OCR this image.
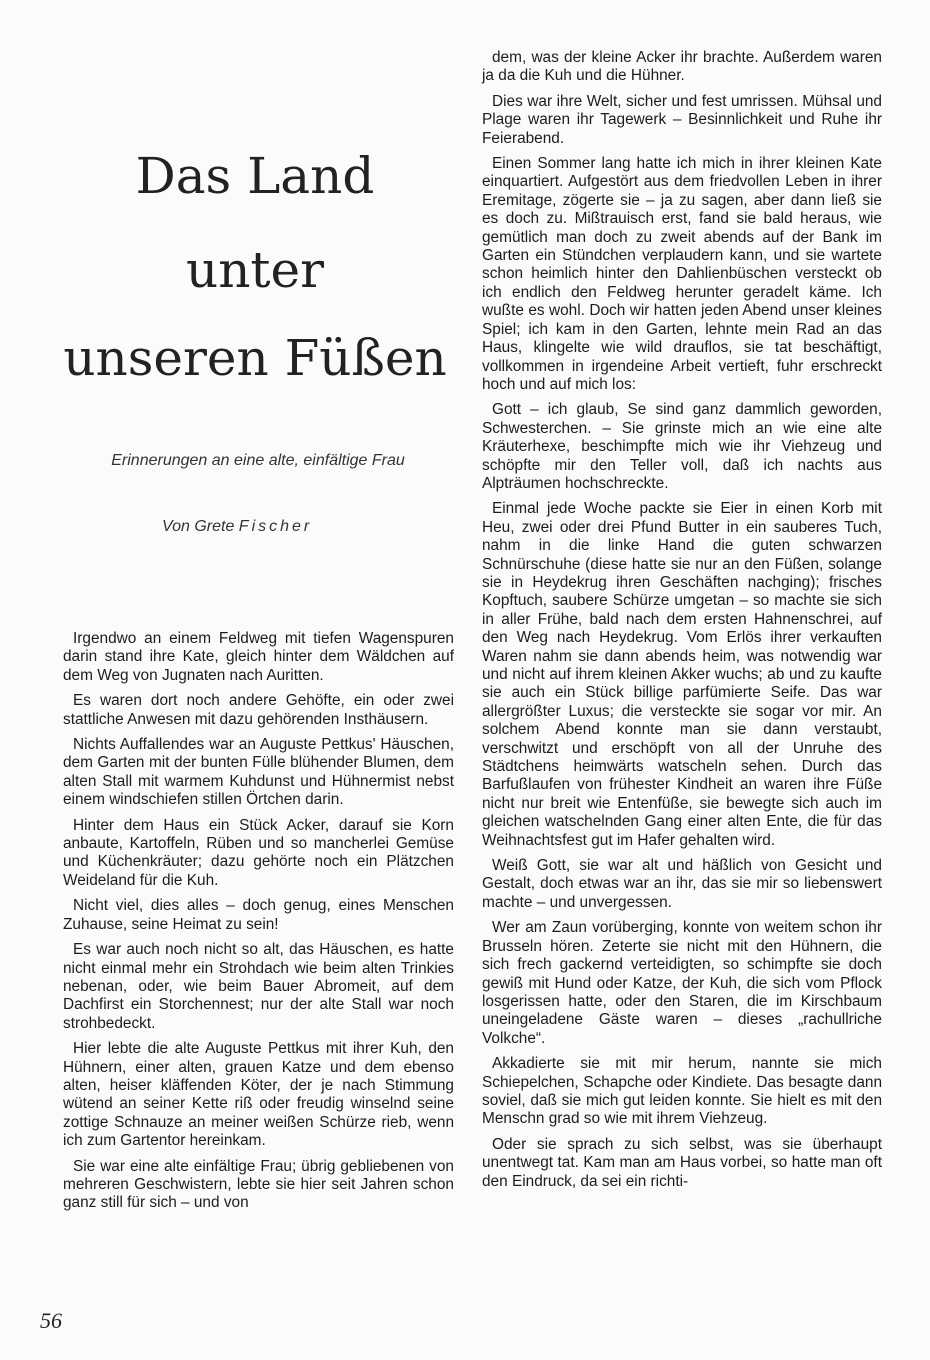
Das Land
unter
unseren Füßen
Erinnerungen an eine alte, einfältige Frau
Von Grete Fischer

Irgendwo an einem Feldweg mit tiefen Wagenspuren darin stand ihre Kate, gleich hinter dem Wäldchen auf dem Weg von Jugnaten nach Auritten.

Es waren dort noch andere Gehöfte, ein oder zwei stattliche Anwesen mit dazu gehörenden Insthäusern.

Nichts Auffallendes war an Auguste Pettkus' Häuschen, dem Garten mit der bunten Fülle blühender Blumen, dem alten Stall mit warmem Kuhdunst und Hühnermist nebst einem windschiefen stillen Örtchen darin.

Hinter dem Haus ein Stück Acker, darauf sie Korn anbaute, Kartoffeln, Rüben und so mancherlei Gemüse und Küchenkräuter; dazu gehörte noch ein Plätzchen Weideland für die Kuh.

Nicht viel, dies alles – doch genug, eines Menschen Zuhause, seine Heimat zu sein!

Es war auch noch nicht so alt, das Häuschen, es hatte nicht einmal mehr ein Strohdach wie beim alten Trinkies nebenan, oder, wie beim Bauer Abromeit, auf dem Dachfirst ein Storchennest; nur der alte Stall war noch strohbedeckt.

Hier lebte die alte Auguste Pettkus mit ihrer Kuh, den Hühnern, einer alten, grauen Katze und dem ebenso alten, heiser kläffenden Köter, der je nach Stimmung wütend an seiner Kette riß oder freudig winselnd seine zottige Schnauze an meiner weißen Schürze rieb, wenn ich zum Gartentor hereinkam.

Sie war eine alte einfältige Frau; übrig gebliebenen von mehreren Geschwistern, lebte sie hier seit Jahren schon ganz still für sich – und von

dem, was der kleine Acker ihr brachte. Außerdem waren ja da die Kuh und die Hühner.

Dies war ihre Welt, sicher und fest umrissen. Mühsal und Plage waren ihr Tagewerk – Besinnlichkeit und Ruhe ihr Feierabend.

Einen Sommer lang hatte ich mich in ihrer kleinen Kate einquartiert. Aufgestört aus dem friedvollen Leben in ihrer Eremitage, zögerte sie – ja zu sagen, aber dann ließ sie es doch zu. Mißtrauisch erst, fand sie bald heraus, wie gemütlich man doch zu zweit abends auf der Bank im Garten ein Stündchen verplaudern kann, und sie wartete schon heimlich hinter den Dahlienbüschen versteckt ob ich endlich den Feldweg herunter geradelt käme. Ich wußte es wohl. Doch wir hatten jeden Abend unser kleines Spiel; ich kam in den Garten, lehnte mein Rad an das Haus, klingelte wie wild drauflos, sie tat beschäftigt, vollkommen in irgendeine Arbeit vertieft, fuhr erschreckt hoch und auf mich los:

Gott – ich glaub, Se sind ganz dammlich geworden, Schwesterchen. – Sie grinste mich an wie eine alte Kräuterhexe, beschimpfte mich wie ihr Viehzeug und schöpfte mir den Teller voll, daß ich nachts aus Alpträumen hochschreckte.

Einmal jede Woche packte sie Eier in einen Korb mit Heu, zwei oder drei Pfund Butter in ein sauberes Tuch, nahm in die linke Hand die guten schwarzen Schnürschuhe (diese hatte sie nur an den Füßen, solange sie in Heydekrug ihren Geschäften nachging); frisches Kopftuch, saubere Schürze umgetan – so machte sie sich in aller Frühe, bald nach dem ersten Hahnenschrei, auf den Weg nach Heydekrug. Vom Erlös ihrer verkauften Waren nahm sie dann abends heim, was notwendig war und nicht auf ihrem kleinen Akker wuchs; ab und zu kaufte sie auch ein Stück billige parfümierte Seife. Das war allergrößter Luxus; die versteckte sie sogar vor mir. An solchem Abend konnte man sie dann verstaubt, verschwitzt und erschöpft von all der Unruhe des Städtchens heimwärts watscheln sehen. Durch das Barfußlaufen von frühester Kindheit an waren ihre Füße nicht nur breit wie Entenfüße, sie bewegte sich auch im gleichen watschelnden Gang einer alten Ente, die für das Weihnachtsfest gut im Hafer gehalten wird.

Weiß Gott, sie war alt und häßlich von Gesicht und Gestalt, doch etwas war an ihr, das sie mir so liebenswert machte – und unvergessen.

Wer am Zaun vorüberging, konnte von weitem schon ihr Brusseln hören. Zeterte sie nicht mit den Hühnern, die sich frech gackernd verteidigten, so schimpfte sie doch gewiß mit Hund oder Katze, der Kuh, die sich vom Pflock losgerissen hatte, oder den Staren, die im Kirschbaum uneingeladene Gäste waren – dieses „rachullriche Volkche“.

Akkadierte sie mit mir herum, nannte sie mich Schiepelchen, Schapche oder Kindiete. Das besagte dann soviel, daß sie mich gut leiden konnte. Sie hielt es mit den Menschn grad so wie mit ihrem Viehzeug.

Oder sie sprach zu sich selbst, was sie überhaupt unentwegt tat. Kam man am Haus vorbei, so hatte man oft den Eindruck, da sei ein richti-

56
